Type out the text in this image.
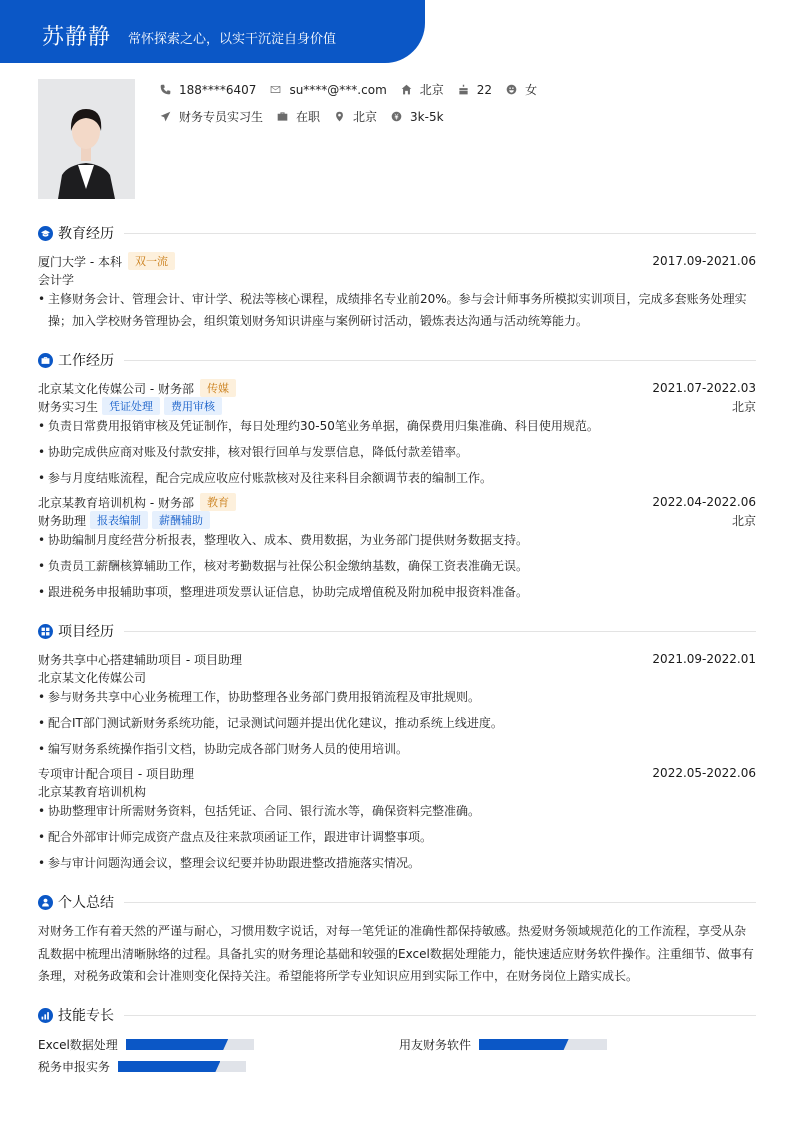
苏静静 常怀探索之心，以实干沉淀自身价值
188****6407	su****@***.com	北京	22	女
财务专员实习生	在职	北京	3k-5k
教育经历
厦门大学 - 本科	双一流	2017.09-2021.06
会计学
• 主修财务会计、管理会计、审计学、税法等核心课程，成绩排名专业前20%。参与会计师事务所模拟实训项目，完成多套账务处理实
操；加入学校财务管理协会，组织策划财务知识讲座与案例研讨活动，锻炼表达沟通与活动统筹能力。
工作经历
北京某文化传媒公司 - 财务部	传媒	2021.07-2022.03
财务实习生	凭证处理	费用审核	北京
• 负责日常费用报销审核及凭证制作，每日处理约30-50笔业务单据，确保费用归集准确、科目使用规范。
• 协助完成供应商对账及付款安排，核对银行回单与发票信息，降低付款差错率。
• 参与月度结账流程，配合完成应收应付账款核对及往来科目余额调节表的编制工作。
北京某教育培训机构 - 财务部	教育	2022.04-2022.06
财务助理	报表编制	薪酬辅助	北京
• 协助编制月度经营分析报表，整理收入、成本、费用数据，为业务部门提供财务数据支持。
• 负责员工薪酬核算辅助工作，核对考勤数据与社保公积金缴纳基数，确保工资表准确无误。
• 跟进税务申报辅助事项，整理进项发票认证信息，协助完成增值税及附加税申报资料准备。
项目经历
财务共享中心搭建辅助项目 - 项目助理	2021.09-2022.01
北京某文化传媒公司
• 参与财务共享中心业务梳理工作，协助整理各业务部门费用报销流程及审批规则。
• 配合IT部门测试新财务系统功能，记录测试问题并提出优化建议，推动系统上线进度。
• 编写财务系统操作指引文档，协助完成各部门财务人员的使用培训。
专项审计配合项目 - 项目助理	2022.05-2022.06
北京某教育培训机构
• 协助整理审计所需财务资料，包括凭证、合同、银行流水等，确保资料完整准确。
• 配合外部审计师完成资产盘点及往来款项函证工作，跟进审计调整事项。
• 参与审计问题沟通会议，整理会议纪要并协助跟进整改措施落实情况。
个人总结
对财务工作有着天然的严谨与耐心，习惯用数字说话，对每一笔凭证的准确性都保持敏感。热爱财务领域规范化的工作流程，享受从杂
乱数据中梳理出清晰脉络的过程。具备扎实的财务理论基础和较强的Excel数据处理能力，能快速适应财务软件操作。注重细节、做事有
条理，对税务政策和会计准则变化保持关注。希望能将所学专业知识应用到实际工作中，在财务岗位上踏实成长。
技能专长
Excel数据处理	用友财务软件
税务申报实务
